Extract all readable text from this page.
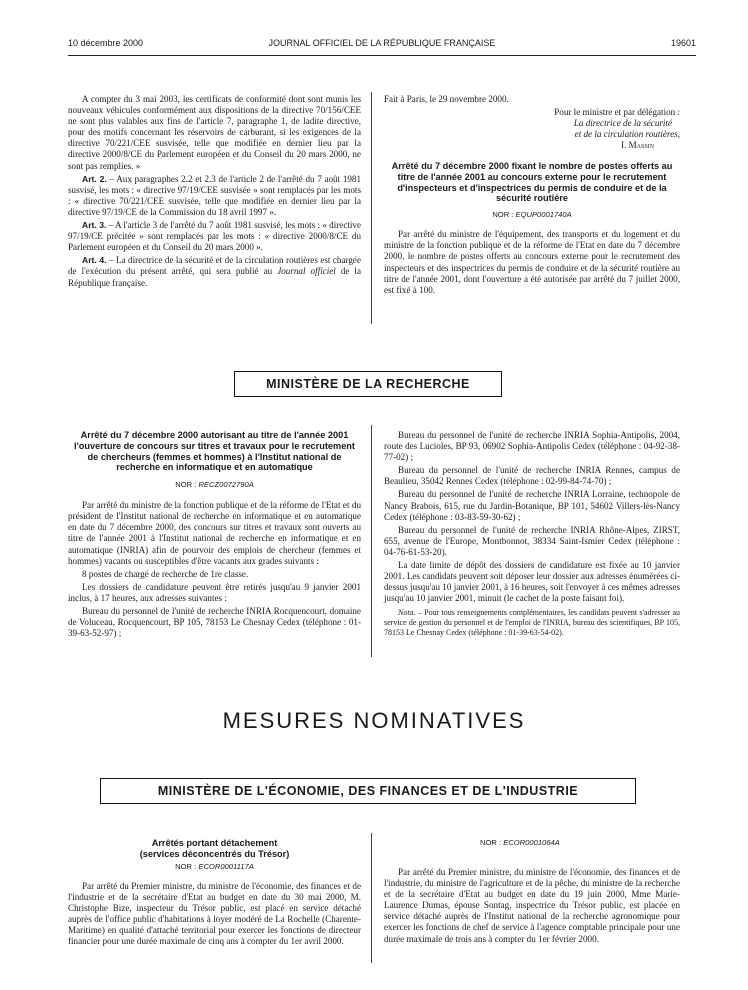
10 décembre 2000	JOURNAL OFFICIEL DE LA RÉPUBLIQUE FRANÇAISE	19601

A compter du 3 mai 2003, les certificats de conformité dont sont munis les nouveaux véhicules conformément aux dispositions de la directive 70/156/CEE ne sont plus valables aux fins de l'article 7, paragraphe 1, de ladite directive, pour des motifs concernant les réservoirs de carburant, si les exigences de la directive 70/221/CEE susvisée, telle que modifiée en dernier lieu par la directive 2000/8/CE du Parlement européen et du Conseil du 20 mars 2000, ne sont pas remplies. »

Art. 2. – Aux paragraphes 2.2 et 2.3 de l'article 2 de l'arrêté du 7 août 1981 susvisé, les mots : « directive 97/19/CEE susvisée » sont remplacés par les mots : « directive 70/221/CEE susvisée, telle que modifiée en dernier lieu par la directive 97/19/CE de la Commission du 18 avril 1997 ».

Art. 3. – A l'article 3 de l'arrêté du 7 août 1981 susvisé, les mots : « directive 97/19/CE précitée » sont remplacés par les mots : « directive 2000/8/CE du Parlement européen et du Conseil du 20 mars 2000 ».

Art. 4. – La directrice de la sécurité et de la circulation routières est chargée de l'exécution du présent arrêté, qui sera publié au Journal officiel de la République française.

Fait à Paris, le 29 novembre 2000.
Pour le ministre et par délégation :
La directrice de la sécurité
et de la circulation routières,
I. Massin

Arrêté du 7 décembre 2000 fixant le nombre de postes offerts au titre de l'année 2001 au concours externe pour le recrutement d'inspecteurs et d'inspectrices du permis de conduire et de la sécurité routière

NOR : EQUP0001740A

Par arrêté du ministre de l'équipement, des transports et du logement et du ministre de la fonction publique et de la réforme de l'Etat en date du 7 décembre 2000, le nombre de postes offerts au concours externe pour le recrutement des inspecteurs et des inspectrices du permis de conduire et de la sécurité routière au titre de l'année 2001, dont l'ouverture a été autorisée par arrêté du 7 juillet 2000, est fixé à 100.

MINISTÈRE DE LA RECHERCHE

Arrêté du 7 décembre 2000 autorisant au titre de l'année 2001 l'ouverture de concours sur titres et travaux pour le recrutement de chercheurs (femmes et hommes) à l'Institut national de recherche en informatique et en automatique

NOR : RECZ0072790A

Par arrêté du ministre de la fonction publique et de la réforme de l'Etat et du président de l'Institut national de recherche en informatique et en automatique en date du 7 décembre 2000, des concours sur titres et travaux sont ouverts au titre de l'année 2001 à l'Institut national de recherche en informatique et en automatique (INRIA) afin de pourvoir des emplois de chercheur (femmes et hommes) vacants ou susceptibles d'être vacants aux grades suivants :

8 postes de chargé de recherche de 1re classe.

Les dossiers de candidature peuvent être retirés jusqu'au 9 janvier 2001 inclus, à 17 heures, aux adresses suivantes :

Bureau du personnel de l'unité de recherche INRIA Rocquencourt, domaine de Voluceau, Rocquencourt, BP 105, 78153 Le Chesnay Cedex (téléphone : 01-39-63-52-97) ;

Bureau du personnel de l'unité de recherche INRIA Sophia-Antipolis, 2004, route des Lucioles, BP 93, 06902 Sophia-Antipolis Cedex (téléphone : 04-92-38-77-02) ;

Bureau du personnel de l'unité de recherche INRIA Rennes, campus de Beaulieu, 35042 Rennes Cedex (téléphone : 02-99-84-74-70) ;

Bureau du personnel de l'unité de recherche INRIA Lorraine, technopole de Nancy Brabois, 615, rue du Jardin-Botanique, BP 101, 54602 Villers-lès-Nancy Cedex (téléphone : 03-83-59-30-62) ;

Bureau du personnel de l'unité de recherche INRIA Rhône-Alpes, ZIRST, 655, avenue de l'Europe, Montbonnot, 38334 Saint-Ismier Cedex (téléphone : 04-76-61-53-20).

La date limite de dépôt des dossiers de candidature est fixée au 10 janvier 2001. Les candidats peuvent soit déposer leur dossier aux adresses énumérées ci-dessus jusqu'au 10 janvier 2001, à 16 heures, soit l'envoyer à ces mêmes adresses jusqu'au 10 janvier 2001, minuit (le cachet de la poste faisant foi).

Nota. – Pour tous renseignements complémentaires, les candidats peuvent s'adresser au service de gestion du personnel et de l'emploi de l'INRIA, bureau des scientifiques, BP 105, 78153 Le Chesnay Cedex (téléphone : 01-39-63-54-02).
MESURES NOMINATIVES
MINISTÈRE DE L'ÉCONOMIE, DES FINANCES ET DE L'INDUSTRIE

Arrêtés portant détachement

(services déconcentrés du Trésor)

NOR : ECOR0001117A

Par arrêté du Premier ministre, du ministre de l'économie, des finances et de l'industrie et de la secrétaire d'Etat au budget en date du 30 mai 2000, M. Christophe Bize, inspecteur du Trésor public, est placé en service détaché auprès de l'office public d'habitations à loyer modéré de La Rochelle (Charente-Maritime) en qualité d'attaché territorial pour exercer les fonctions de directeur financier pour une durée maximale de cinq ans à compter du 1er avril 2000.

NOR : ECOR0001064A

Par arrêté du Premier ministre, du ministre de l'économie, des finances et de l'industrie, du ministre de l'agriculture et de la pêche, du ministre de la recherche et de la secrétaire d'Etat au budget en date du 19 juin 2000, Mme Marie-Laurence Dumas, épouse Sontag, inspectrice du Trésor public, est placée en service détaché auprès de l'Institut national de la recherche agronomique pour exercer les fonctions de chef de service à l'agence comptable principale pour une durée maximale de trois ans à compter du 1er février 2000.
